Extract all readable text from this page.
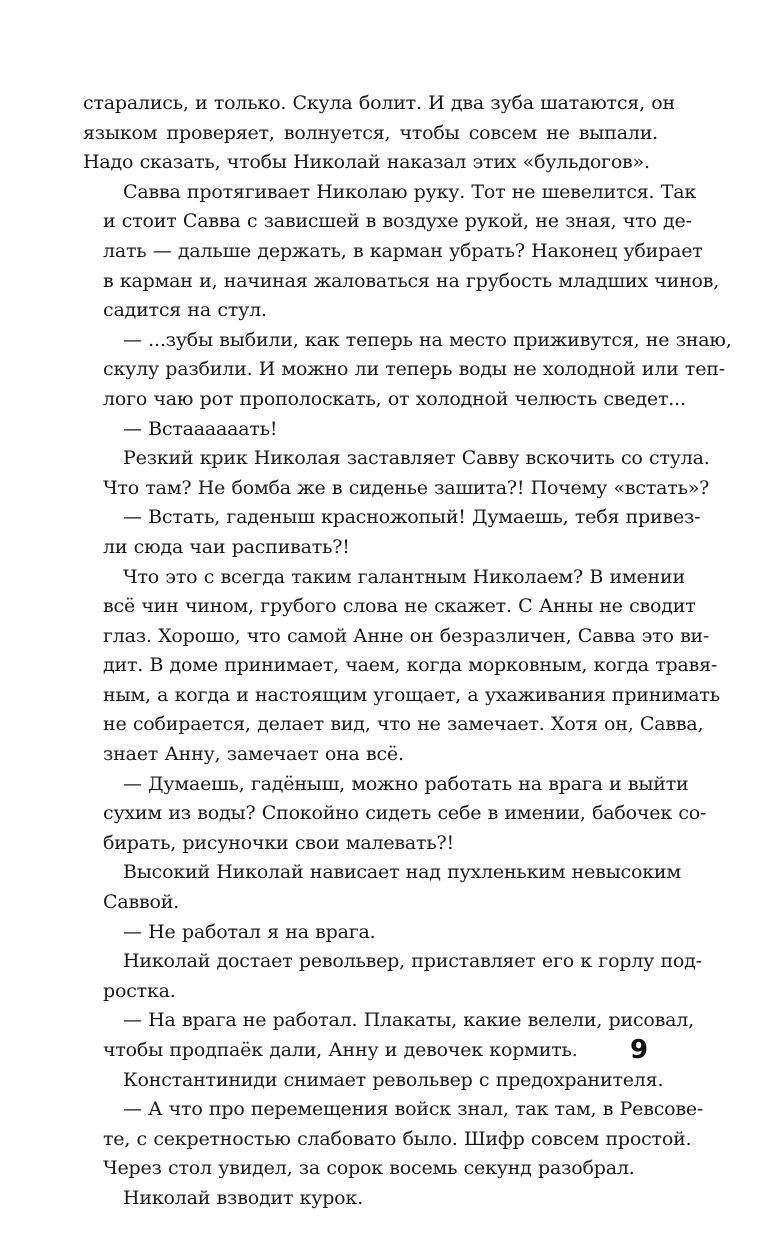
старались, и только. Скула болит. И два зуба шатаются, он
языком проверяет, волнуется, чтобы совсем не выпали.
Надо сказать, чтобы Николай наказал этих «бульдогов».

Савва протягивает Николаю руку. Тот не шевелится. Так
и стоит Савва с зависшей в воздухе рукой, не зная, что де-
лать — дальше держать, в карман убрать? Наконец убирает
в карман и, начиная жаловаться на грубость младших чинов,
садится на стул.

— ...зубы выбили, как теперь на место приживутся, не знаю,
скулу разбили. И можно ли теперь воды не холодной или теп-
лого чаю рот прополоскать, от холодной челюсть сведет...

— Встаааааать!

Резкий крик Николая заставляет Савву вскочить со стула.
Что там? Не бомба же в сиденье зашита?! Почему «встать»?

— Встать, гаденыш красножопый! Думаешь, тебя привез-
ли сюда чаи распивать?!

Что это с всегда таким галантным Николаем? В имении
всё чин чином, грубого слова не скажет. С Анны не сводит
глаз. Хорошо, что самой Анне он безразличен, Савва это ви-
дит. В доме принимает, чаем, когда морковным, когда травя-
ным, а когда и настоящим угощает, а ухаживания принимать
не собирается, делает вид, что не замечает. Хотя он, Савва,
знает Анну, замечает она всё.

— Думаешь, гадёныш, можно работать на врага и выйти
сухим из воды? Спокойно сидеть себе в имении, бабочек со-
бирать, рисуночки свои малевать?!

Высокий Николай нависает над пухленьким невысоким
Саввой.

— Не работал я на врага.

Николай достает револьвер, приставляет его к горлу под-
ростка.

— На врага не работал. Плакаты, какие велели, рисовал,
чтобы продпаёк дали, Анну и девочек кормить.

Константиниди снимает револьвер с предохранителя.

— А что про перемещения войск знал, так там, в Ревсове-
те, с секретностью слабовато было. Шифр совсем простой.
Через стол увидел, за сорок восемь секунд разобрал.

Николай взводит курок.

9
